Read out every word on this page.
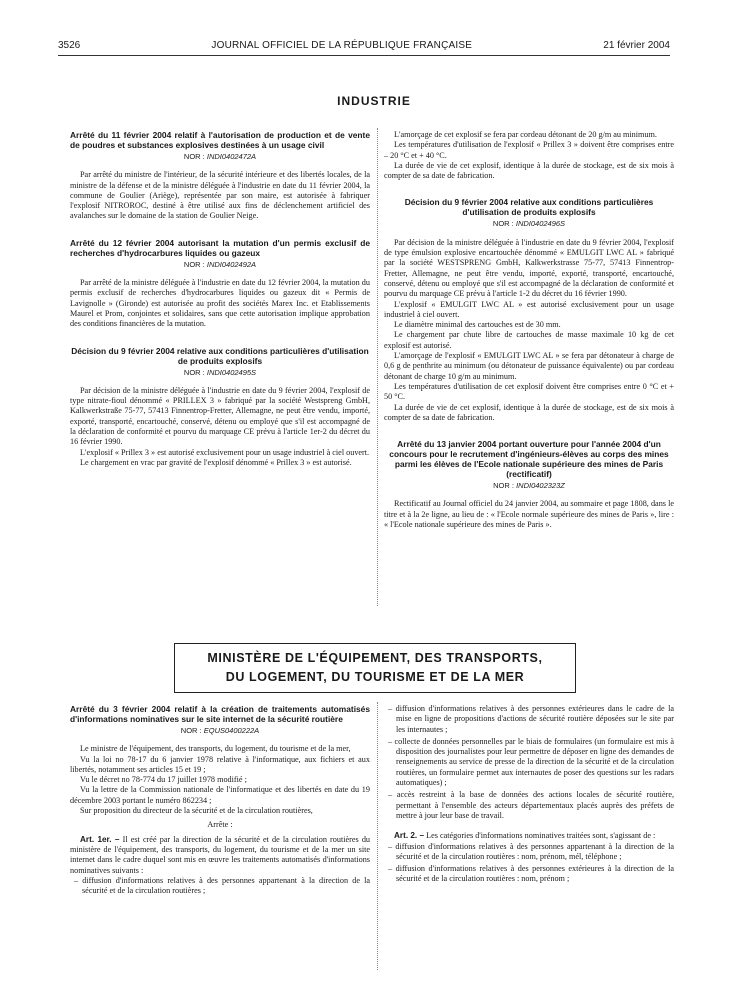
3526	JOURNAL OFFICIEL DE LA RÉPUBLIQUE FRANÇAISE	21 février 2004
INDUSTRIE

Arrêté du 11 février 2004 relatif à l'autorisation de production et de vente de poudres et substances explosives destinées à un usage civil

NOR : INDI0402472A

Par arrêté du ministre de l'intérieur, de la sécurité intérieure et des libertés locales, de la ministre de la défense et de la ministre déléguée à l'industrie en date du 11 février 2004, la commune de Goulier (Ariège), représentée par son maire, est autorisée à fabriquer l'explosif NITROROC, destiné à être utilisé aux fins de déclenchement artificiel des avalanches sur le domaine de la station de Goulier Neige.

Arrêté du 12 février 2004 autorisant la mutation d'un permis exclusif de recherches d'hydrocarbures liquides ou gazeux

NOR : INDI0402492A

Par arrêté de la ministre déléguée à l'industrie en date du 12 février 2004, la mutation du permis exclusif de recherches d'hydrocarbures liquides ou gazeux dit « Permis de Lavignolle » (Gironde) est autorisée au profit des sociétés Marex Inc. et Etablissements Maurel et Prom, conjointes et solidaires, sans que cette autorisation implique approbation des conditions financières de la mutation.

Décision du 9 février 2004 relative aux conditions particulières d'utilisation de produits explosifs

NOR : INDI0402495S

Par décision de la ministre déléguée à l'industrie en date du 9 février 2004, l'explosif de type nitrate-fioul dénommé « PRILLEX 3 » fabriqué par la société Westspreng GmbH, Kalkwerkstraße 75-77, 57413 Finnentrop-Fretter, Allemagne, ne peut être vendu, importé, exporté, transporté, encartouché, conservé, détenu ou employé que s'il est accompagné de la déclaration de conformité et pourvu du marquage CE prévu à l'article 1er-2 du décret du 16 février 1990.

L'explosif « Prillex 3 » est autorisé exclusivement pour un usage industriel à ciel ouvert.

Le chargement en vrac par gravité de l'explosif dénommé « Prillex 3 » est autorisé.

L'amorçage de cet explosif se fera par cordeau détonant de 20 g/m au minimum.

Les températures d'utilisation de l'explosif « Prillex 3 » doivent être comprises entre – 20 °C et + 40 °C.

La durée de vie de cet explosif, identique à la durée de stockage, est de six mois à compter de sa date de fabrication.

Décision du 9 février 2004 relative aux conditions particulières d'utilisation de produits explosifs

NOR : INDI0402496S

Par décision de la ministre déléguée à l'industrie en date du 9 février 2004, l'explosif de type émulsion explosive encartouchée dénommé « EMULGIT LWC AL » fabriqué par la société WESTSPRENG GmbH, Kalkwerkstrasse 75-77, 57413 Finnentrop-Fretter, Allemagne, ne peut être vendu, importé, exporté, transporté, encartouché, conservé, détenu ou employé que s'il est accompagné de la déclaration de conformité et pourvu du marquage CE prévu à l'article 1-2 du décret du 16 février 1990.

L'explosif « EMULGIT LWC AL » est autorisé exclusivement pour un usage industriel à ciel ouvert.

Le diamètre minimal des cartouches est de 30 mm.

Le chargement par chute libre de cartouches de masse maximale 10 kg de cet explosif est autorisé.

L'amorçage de l'explosif « EMULGIT LWC AL » se fera par détonateur à charge de 0,6 g de penthrite au minimum (ou détonateur de puissance équivalente) ou par cordeau détonant de charge 10 g/m au minimum.

Les températures d'utilisation de cet explosif doivent être comprises entre 0 °C et + 50 °C.

La durée de vie de cet explosif, identique à la durée de stockage, est de six mois à compter de sa date de fabrication.

Arrêté du 13 janvier 2004 portant ouverture pour l'année 2004 d'un concours pour le recrutement d'ingénieurs-élèves au corps des mines parmi les élèves de l'Ecole nationale supérieure des mines de Paris (rectificatif)

NOR : INDI0402323Z

Rectificatif au Journal officiel du 24 janvier 2004, au sommaire et page 1808, dans le titre et à la 2e ligne, au lieu de : « l'Ecole normale supérieure des mines de Paris », lire : « l'Ecole nationale supérieure des mines de Paris ».

MINISTÈRE DE L'ÉQUIPEMENT, DES TRANSPORTS,
DU LOGEMENT, DU TOURISME ET DE LA MER

Arrêté du 3 février 2004 relatif à la création de traitements automatisés d'informations nominatives sur le site internet de la sécurité routière

NOR : EQUS0400222A

Le ministre de l'équipement, des transports, du logement, du tourisme et de la mer,

Vu la loi no 78-17 du 6 janvier 1978 relative à l'informatique, aux fichiers et aux libertés, notamment ses articles 15 et 19 ;

Vu le décret no 78-774 du 17 juillet 1978 modifié ;

Vu la lettre de la Commission nationale de l'informatique et des libertés en date du 19 décembre 2003 portant le numéro 862234 ;

Sur proposition du directeur de la sécurité et de la circulation routières,

Arrête :

Art. 1er. – Il est créé par la direction de la sécurité et de la circulation routières du ministère de l'équipement, des transports, du logement, du tourisme et de la mer un site internet dans le cadre duquel sont mis en œuvre les traitements automatisés d'informations nominatives suivants :

– diffusion d'informations relatives à des personnes appartenant à la direction de la sécurité et de la circulation routières ;
– diffusion d'informations relatives à des personnes extérieures dans le cadre de la mise en ligne de propositions d'actions de sécurité routière déposées sur le site par les internautes ;
– collecte de données personnelles par le biais de formulaires (un formulaire est mis à disposition des journalistes pour leur permettre de déposer en ligne des demandes de renseignements au service de presse de la direction de la sécurité et de la circulation routières, un formulaire permet aux internautes de poser des questions sur les radars automatiques) ;
– accès restreint à la base de données des actions locales de sécurité routière, permettant à l'ensemble des acteurs départementaux placés auprès des préfets de mettre à jour leur base de travail.

Art. 2. – Les catégories d'informations nominatives traitées sont, s'agissant de :

– diffusion d'informations relatives à des personnes appartenant à la direction de la sécurité et de la circulation routières : nom, prénom, mél, téléphone ;
– diffusion d'informations relatives à des personnes extérieures à la direction de la sécurité et de la circulation routières : nom, prénom ;
